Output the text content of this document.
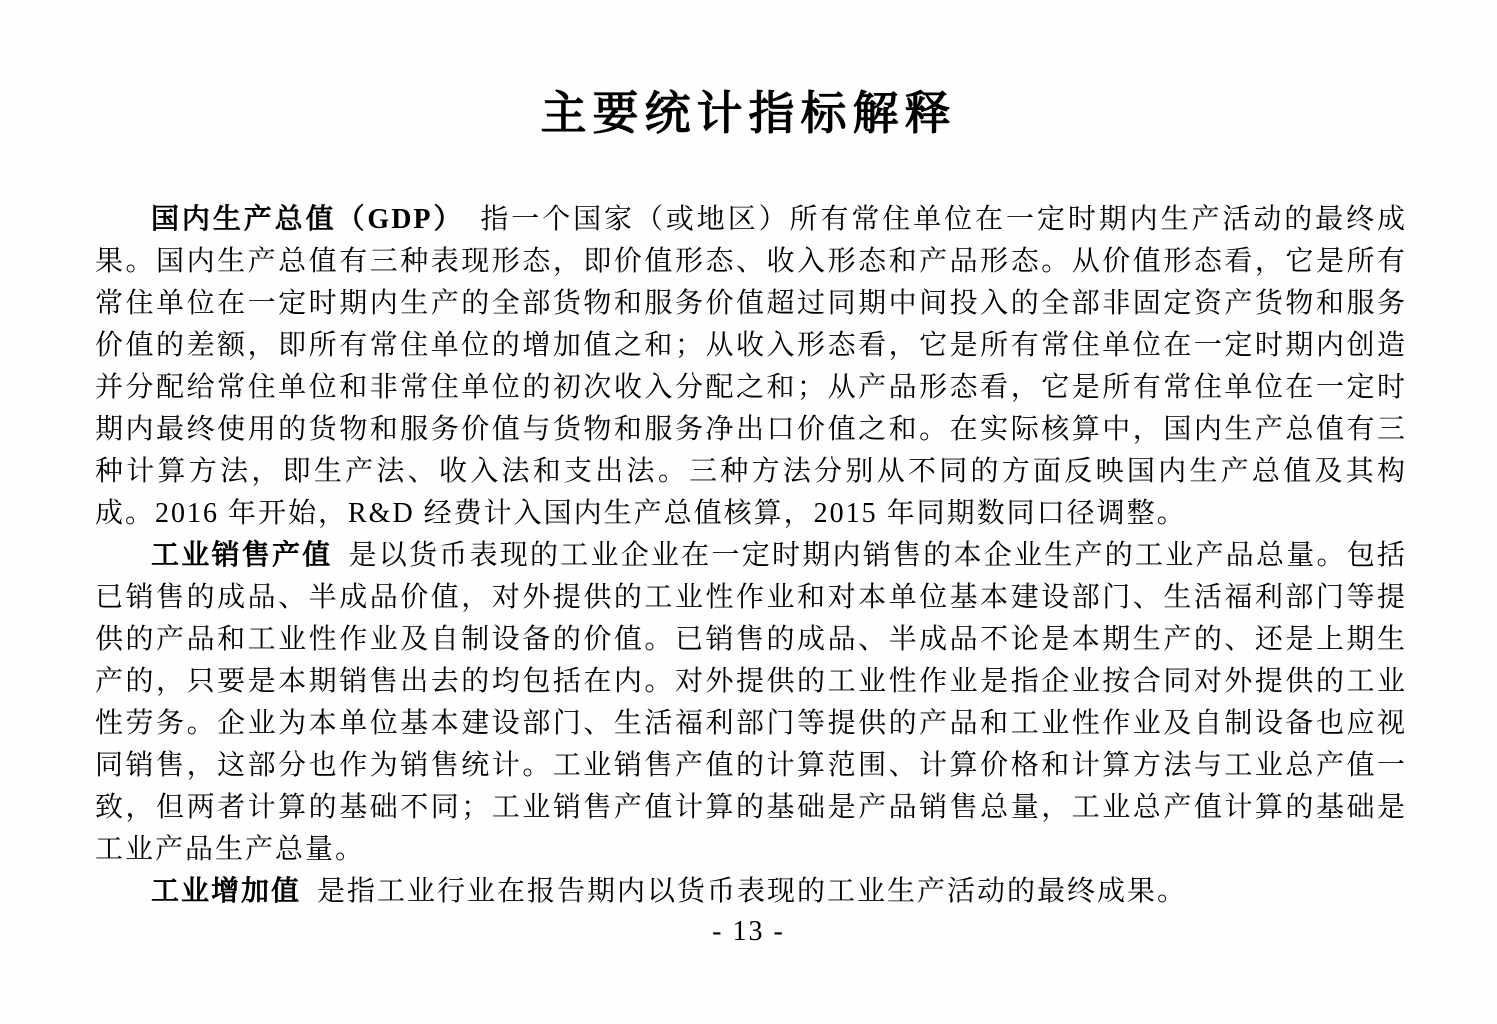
主要统计指标解释

国内生产总值（GDP） 指一个国家（或地区）所有常住单位在一定时期内生产活动的最终成果。国内生产总值有三种表现形态，即价值形态、收入形态和产品形态。从价值形态看，它是所有常住单位在一定时期内生产的全部货物和服务价值超过同期中间投入的全部非固定资产货物和服务价值的差额，即所有常住单位的增加值之和；从收入形态看，它是所有常住单位在一定时期内创造并分配给常住单位和非常住单位的初次收入分配之和；从产品形态看，它是所有常住单位在一定时期内最终使用的货物和服务价值与货物和服务净出口价值之和。在实际核算中，国内生产总值有三种计算方法，即生产法、收入法和支出法。三种方法分别从不同的方面反映国内生产总值及其构成。2016 年开始，R&D 经费计入国内生产总值核算，2015 年同期数同口径调整。

工业销售产值 是以货币表现的工业企业在一定时期内销售的本企业生产的工业产品总量。包括已销售的成品、半成品价值，对外提供的工业性作业和对本单位基本建设部门、生活福利部门等提供的产品和工业性作业及自制设备的价值。已销售的成品、半成品不论是本期生产的、还是上期生产的，只要是本期销售出去的均包括在内。对外提供的工业性作业是指企业按合同对外提供的工业性劳务。企业为本单位基本建设部门、生活福利部门等提供的产品和工业性作业及自制设备也应视同销售，这部分也作为销售统计。工业销售产值的计算范围、计算价格和计算方法与工业总产值一致，但两者计算的基础不同；工业销售产值计算的基础是产品销售总量，工业总产值计算的基础是工业产品生产总量。

工业增加值 是指工业行业在报告期内以货币表现的工业生产活动的最终成果。

- 13 -
